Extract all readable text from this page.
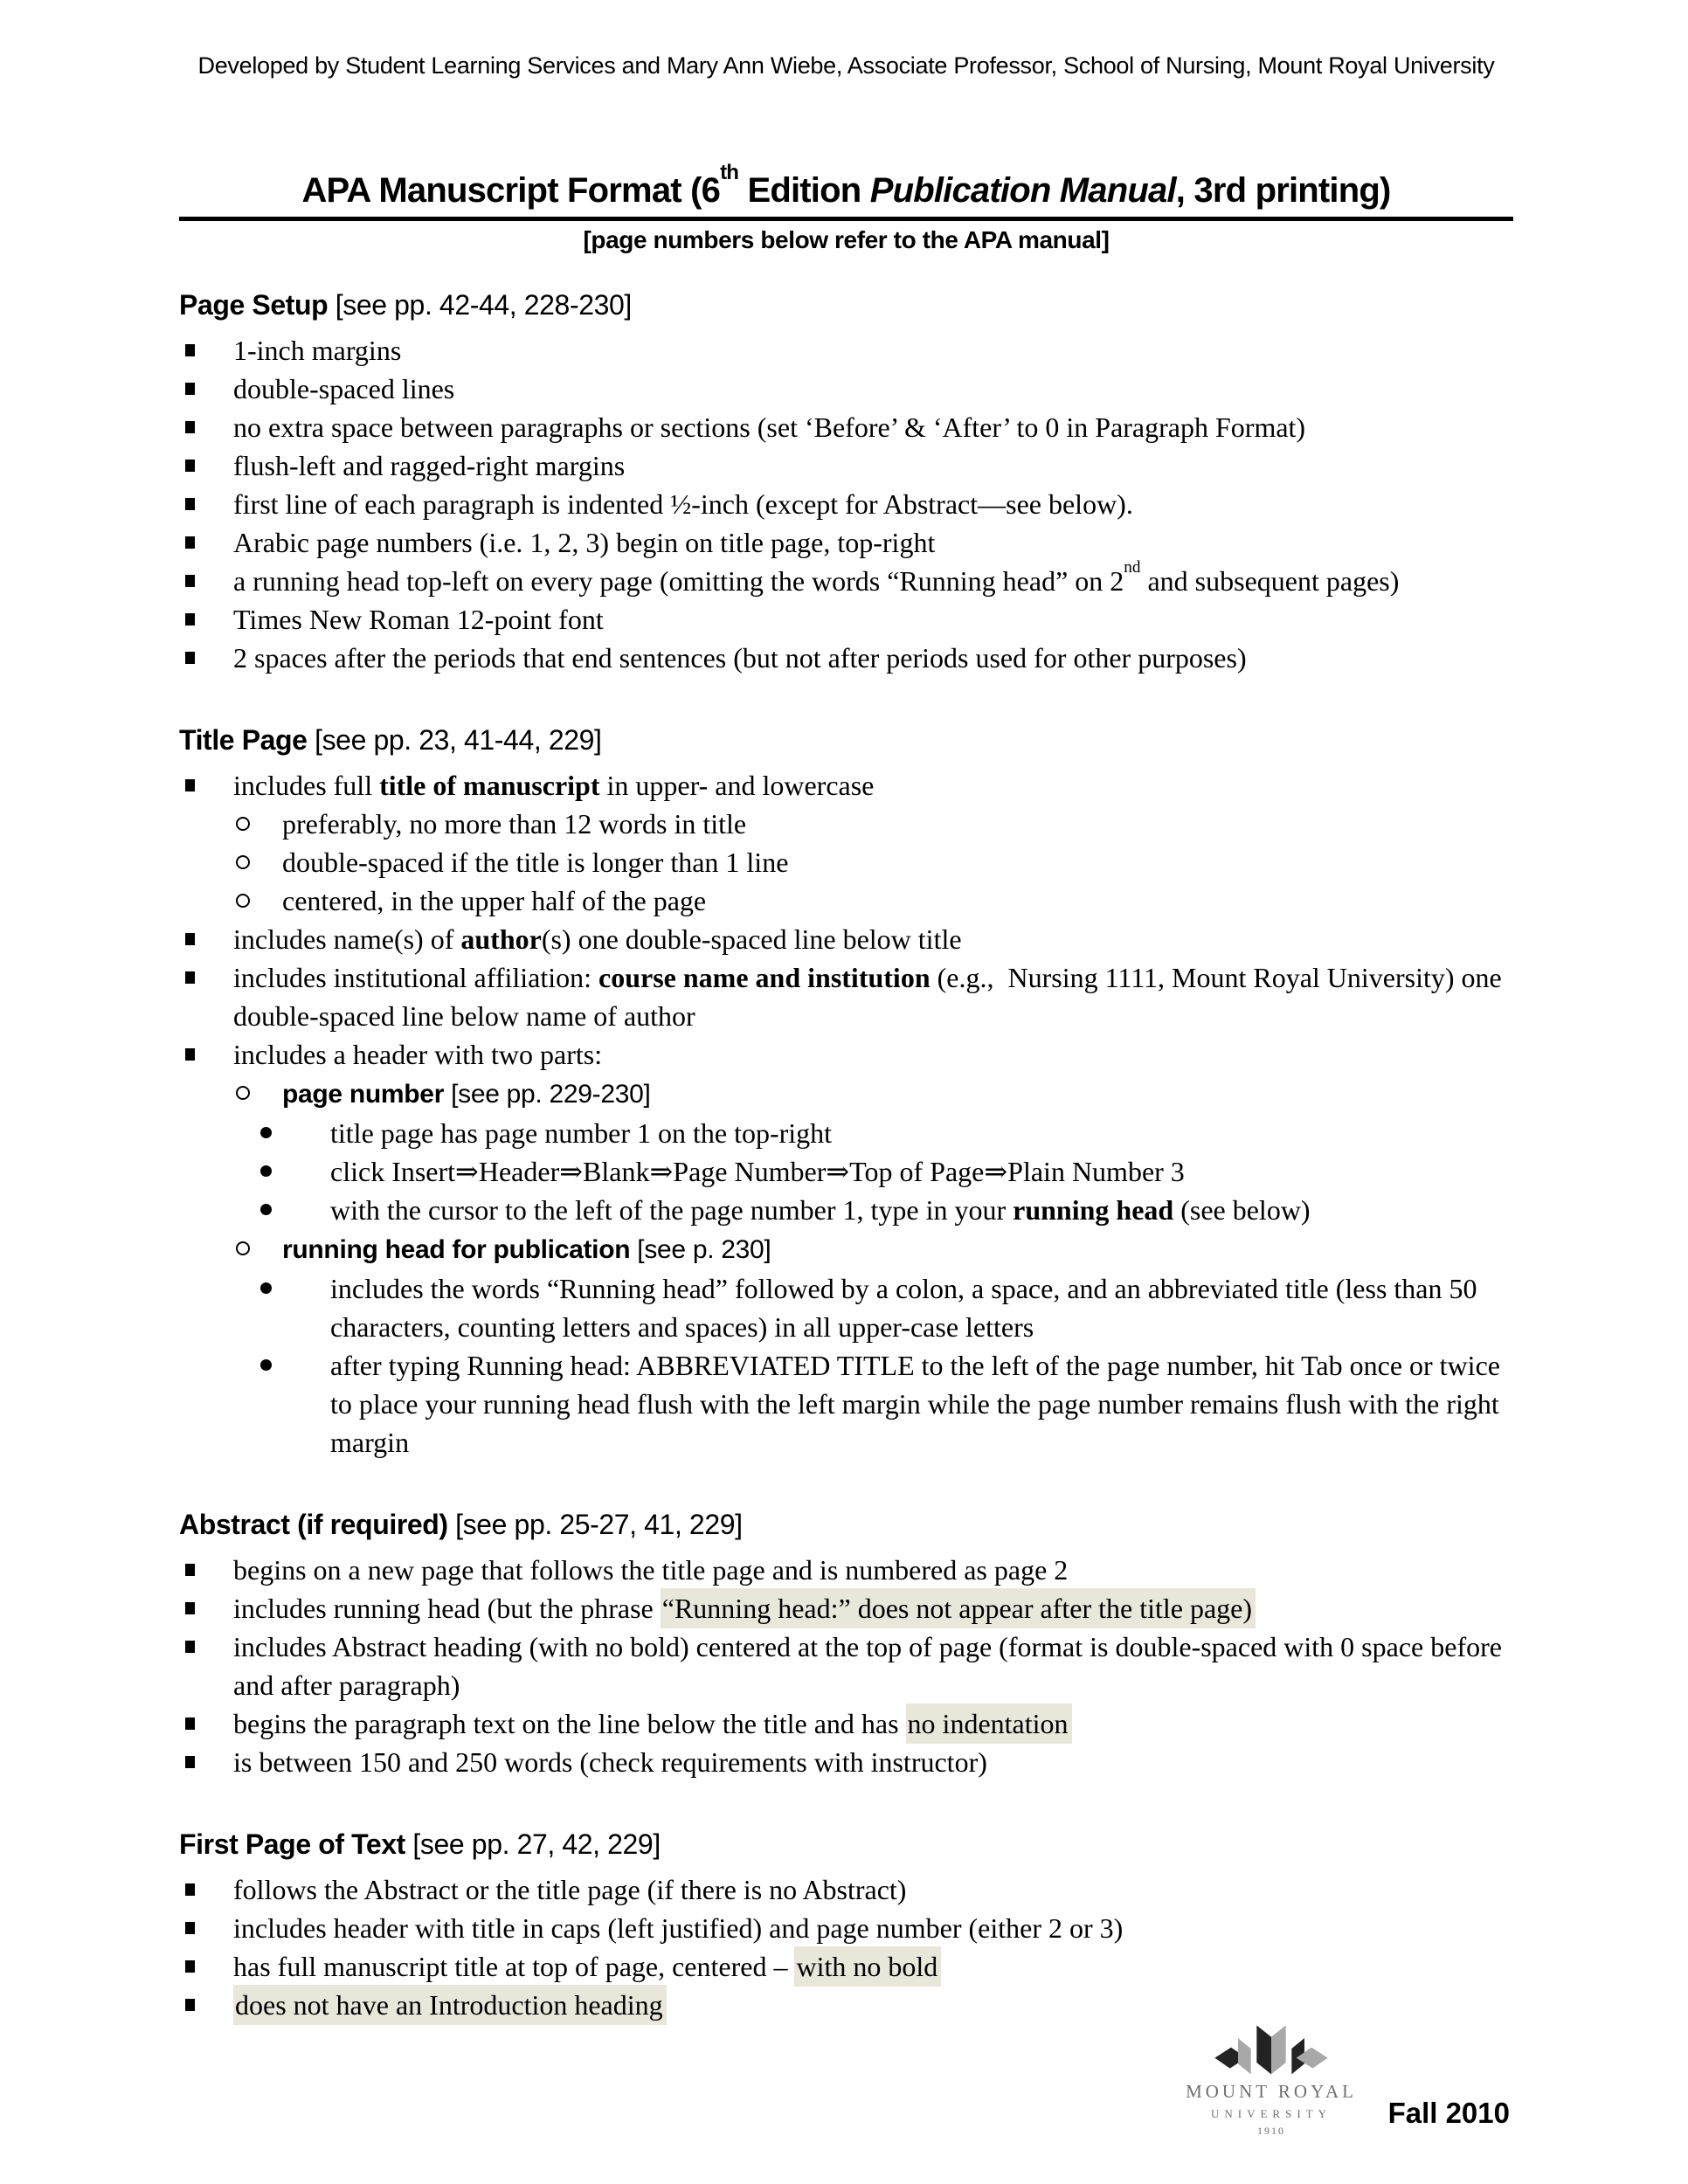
Developed by Student Learning Services and Mary Ann Wiebe, Associate Professor, School of Nursing, Mount Royal University
APA Manuscript Format (6th Edition Publication Manual, 3rd printing)
[page numbers below refer to the APA manual]
Page Setup [see pp. 42-44, 228-230]
1-inch margins
double-spaced lines
no extra space between paragraphs or sections (set ‘Before’ & ‘After’ to 0 in Paragraph Format)
flush-left and ragged-right margins
first line of each paragraph is indented ½-inch (except for Abstract—see below).
Arabic page numbers (i.e. 1, 2, 3) begin on title page, top-right
a running head top-left on every page (omitting the words “Running head” on 2nd and subsequent pages)
Times New Roman 12-point font
2 spaces after the periods that end sentences (but not after periods used for other purposes)
Title Page [see pp. 23, 41-44, 229]
includes full title of manuscript in upper- and lowercase
preferably, no more than 12 words in title
double-spaced if the title is longer than 1 line
centered, in the upper half of the page
includes name(s) of author(s) one double-spaced line below title
includes institutional affiliation: course name and institution (e.g.,  Nursing 1111, Mount Royal University) one double-spaced line below name of author
includes a header with two parts:
page number [see pp. 229-230]
title page has page number 1 on the top-right
click Insert⇒Header⇒Blank⇒Page Number⇒Top of Page⇒Plain Number 3
with the cursor to the left of the page number 1, type in your running head (see below)
running head for publication [see p. 230]
includes the words “Running head” followed by a colon, a space, and an abbreviated title (less than 50 characters, counting letters and spaces) in all upper-case letters
after typing Running head: ABBREVIATED TITLE to the left of the page number, hit Tab once or twice to place your running head flush with the left margin while the page number remains flush with the right margin
Abstract (if required) [see pp. 25-27, 41, 229]
begins on a new page that follows the title page and is numbered as page 2
includes running head (but the phrase “Running head:” does not appear after the title page)
includes Abstract heading (with no bold) centered at the top of page (format is double-spaced with 0 space before and after paragraph)
begins the paragraph text on the line below the title and has no indentation
is between 150 and 250 words (check requirements with instructor)
First Page of Text [see pp. 27, 42, 229]
follows the Abstract or the title page (if there is no Abstract)
includes header with title in caps (left justified) and page number (either 2 or 3)
has full manuscript title at top of page, centered – with no bold
does not have an Introduction heading
MOUNT ROYAL
UNIVERSITY
1910
Fall 2010
